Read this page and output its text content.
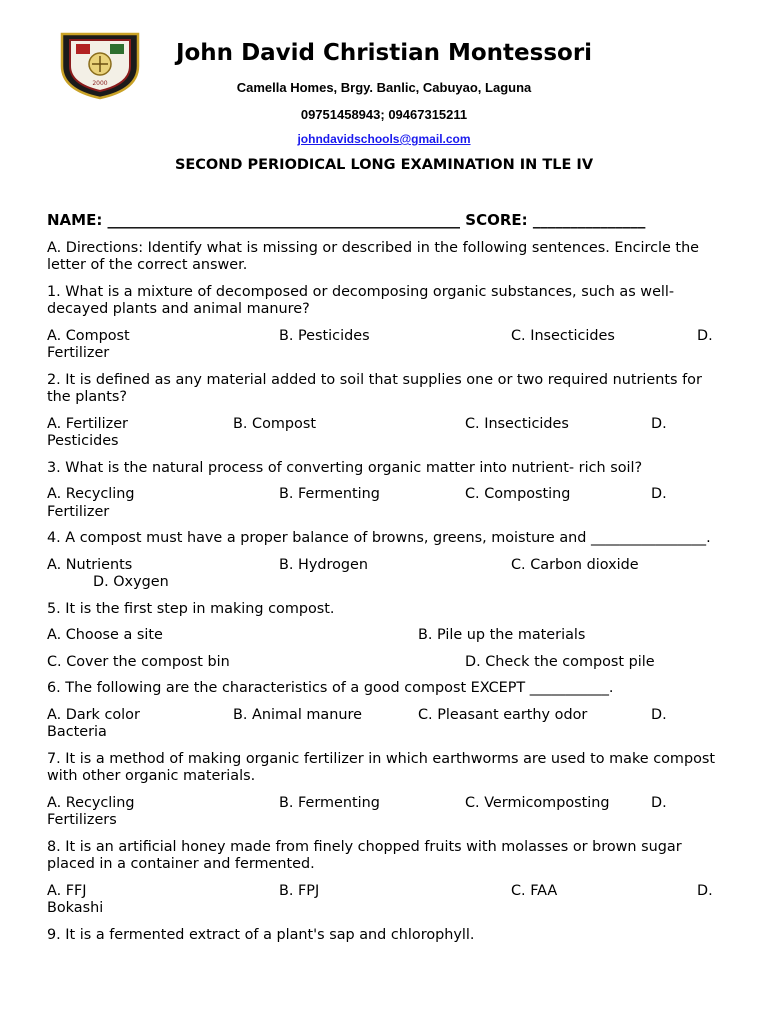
2000
John David Christian Montessori
Camella Homes, Brgy. Banlic, Cabuyao, Laguna
09751458943; 09467315211
johndavidschools@gmail.com
SECOND PERIODICAL LONG EXAMINATION IN TLE IV
NAME: _______________________________________________ SCORE: _______________
A. Directions: Identify what is missing or described in the following sentences. Encircle the letter of the correct answer.
1. What is a mixture of decomposed or decomposing organic substances, such as well-decayed plants and animal manure?
A. Compost	B. Pesticides	C. Insecticides	D.
Fertilizer
2. It is defined as any material added to soil that supplies one or two required nutrients for the plants?
A. Fertilizer	B. Compost	C. Insecticides	D.
Pesticides
3. What is the natural process of converting organic matter into nutrient- rich soil?
A. Recycling	B. Fermenting	C. Composting	D.
Fertilizer
4. A compost must have a proper balance of browns, greens, moisture and ________________.
A. Nutrients	B. Hydrogen	C. Carbon dioxide
D. Oxygen
5. It is the first step in making compost.
A. Choose a site	B. Pile up the materials
C. Cover the compost bin	D. Check the compost pile
6. The following are the characteristics of a good compost EXCEPT ___________.
A. Dark color	B. Animal manure	C. Pleasant earthy odor	D.
Bacteria
7. It is a method of making organic fertilizer in which earthworms are used to make compost with other organic materials.
A. Recycling	B. Fermenting	C. Vermicomposting	D.
Fertilizers
8. It is an artificial honey made from finely chopped fruits with molasses or brown sugar placed in a container and fermented.
A. FFJ	B. FPJ	C. FAA	D.
Bokashi
9. It is a fermented extract of a plant's sap and chlorophyll.
